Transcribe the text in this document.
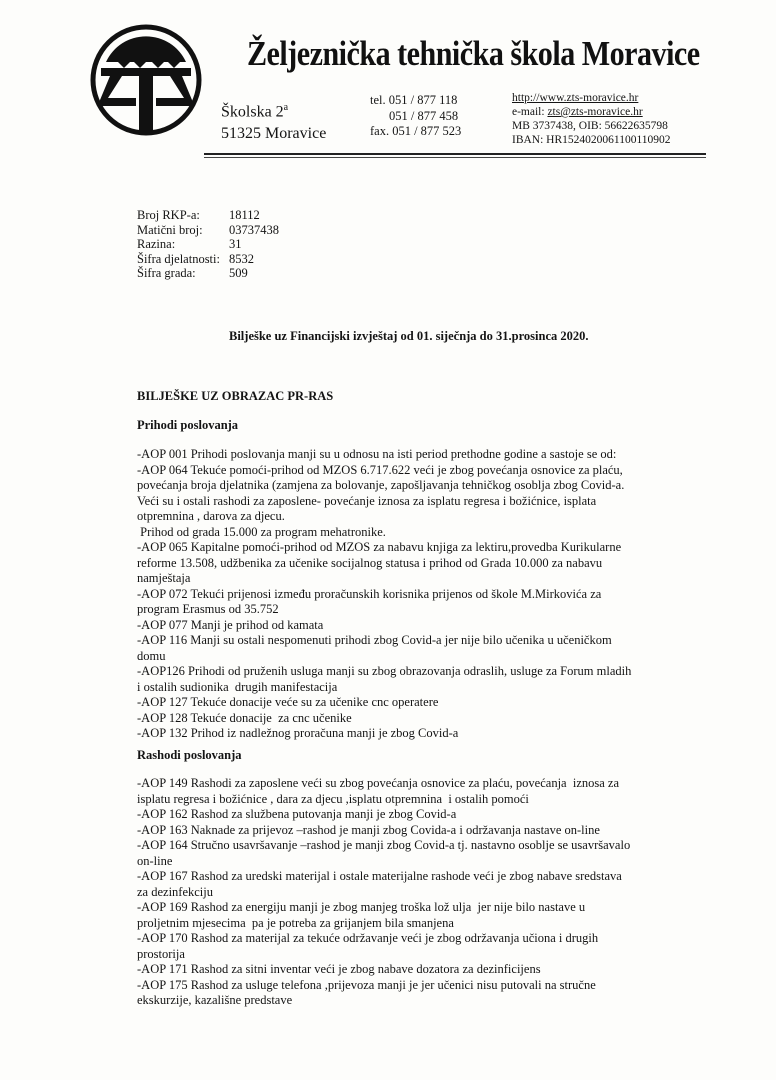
Željeznička tehnička škola Moravice
Školska 2$^a$
51325 Moravice
tel. 051 / 877 118
051 / 877 458
fax. 051 / 877 523
http://www.zts-moravice.hr
e-mail: zts@zts-moravice.hr
MB 3737438, OIB: 56622635798
IBAN: HR1524020061100110902
Broj RKP-a:	18112
Matični broj:	03737438
Razina:	31
Šifra djelatnosti: 8532
Šifra grada:	509
Bilješke uz Financijski izvještaj od 01. siječnja do 31.prosinca 2020.
BILJEŠKE UZ OBRAZAC PR-RAS
Prihodi poslovanja

-AOP 001 Prihodi poslovanja manji su u odnosu na isti period prethodne godine a sastoje se od:

-AOP 064 Tekuće pomoći-prihod od MZOS 6.717.622 veći je zbog povećanja osnovice za plaću,

povećanja broja djelatnika (zamjena za bolovanje, zapošljavanja tehničkog osoblja zbog Covid-a.

Veći su i ostali rashodi za zaposlene- povećanje iznosa za isplatu regresa i božićnice, isplata

otpremnina , darova za djecu.

Prihod od grada 15.000 za program mehatronike.

-AOP 065 Kapitalne pomoći-prihod od MZOS za nabavu knjiga za lektiru,provedba Kurikularne

reforme 13.508, udžbenika za učenike socijalnog statusa i prihod od Grada 10.000 za nabavu

namještaja

-AOP 072 Tekući prijenosi između proračunskih korisnika prijenos od škole M.Mirkovića za

program Erasmus od 35.752

-AOP 077 Manji je prihod od kamata

-AOP 116 Manji su ostali nespomenuti prihodi zbog Covid-a jer nije bilo učenika u učeničkom

domu

-AOP126 Prihodi od pruženih usluga manji su zbog obrazovanja odraslih, usluge za Forum mladih

i ostalih sudionika  drugih manifestacija

-AOP 127 Tekuće donacije veće su za učenike cnc operatere

-AOP 128 Tekuće donacije  za cnc učenike

-AOP 132 Prihod iz nadležnog proračuna manji je zbog Covid-a

Rashodi poslovanja

-AOP 149 Rashodi za zaposlene veći su zbog povećanja osnovice za plaću, povećanja  iznosa za

isplatu regresa i božićnice , dara za djecu ,isplatu otpremnina  i ostalih pomoći

-AOP 162 Rashod za službena putovanja manji je zbog Covid-a

-AOP 163 Naknade za prijevoz –rashod je manji zbog Covida-a i održavanja nastave on-line

-AOP 164 Stručno usavršavanje –rashod je manji zbog Covid-a tj. nastavno osoblje se usavršavalo

on-line

-AOP 167 Rashod za uredski materijal i ostale materijalne rashode veći je zbog nabave sredstava

za dezinfekciju

-AOP 169 Rashod za energiju manji je zbog manjeg troška lož ulja  jer nije bilo nastave u

proljetnim mjesecima  pa je potreba za grijanjem bila smanjena

-AOP 170 Rashod za materijal za tekuće održavanje veći je zbog održavanja učiona i drugih

prostorija

-AOP 171 Rashod za sitni inventar veći je zbog nabave dozatora za dezinficijens

-AOP 175 Rashod za usluge telefona ,prijevoza manji je jer učenici nisu putovali na stručne

ekskurzije, kazališne predstave
